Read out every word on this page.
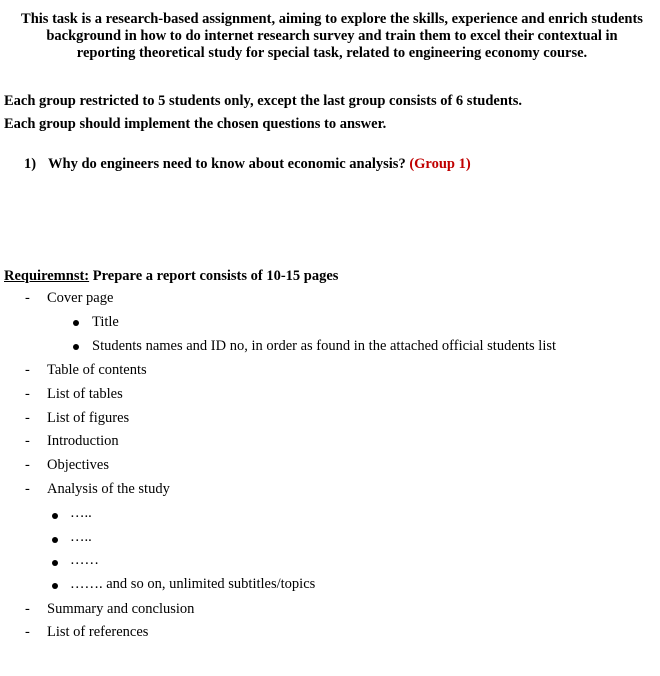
This task is a research-based assignment, aiming to explore the skills, experience and enrich students
background in how to do internet research survey and train them to excel their contextual in
reporting theoretical study for special task, related to engineering economy course.
Each group restricted to 5 students only, except the last group consists of 6 students.
Each group should implement the chosen questions to answer.
1) Why do engineers need to know about economic analysis? (Group 1)
Requiremnst: Prepare a report consists of 10-15 pages
- Cover page
Title
Students names and ID no, in order as found in the attached official students list
- Table of contents
- List of tables
- List of figures
- Introduction
- Objectives
- Analysis of the study
…..
…..
……
……. and so on, unlimited subtitles/topics
- Summary and conclusion
- List of references
